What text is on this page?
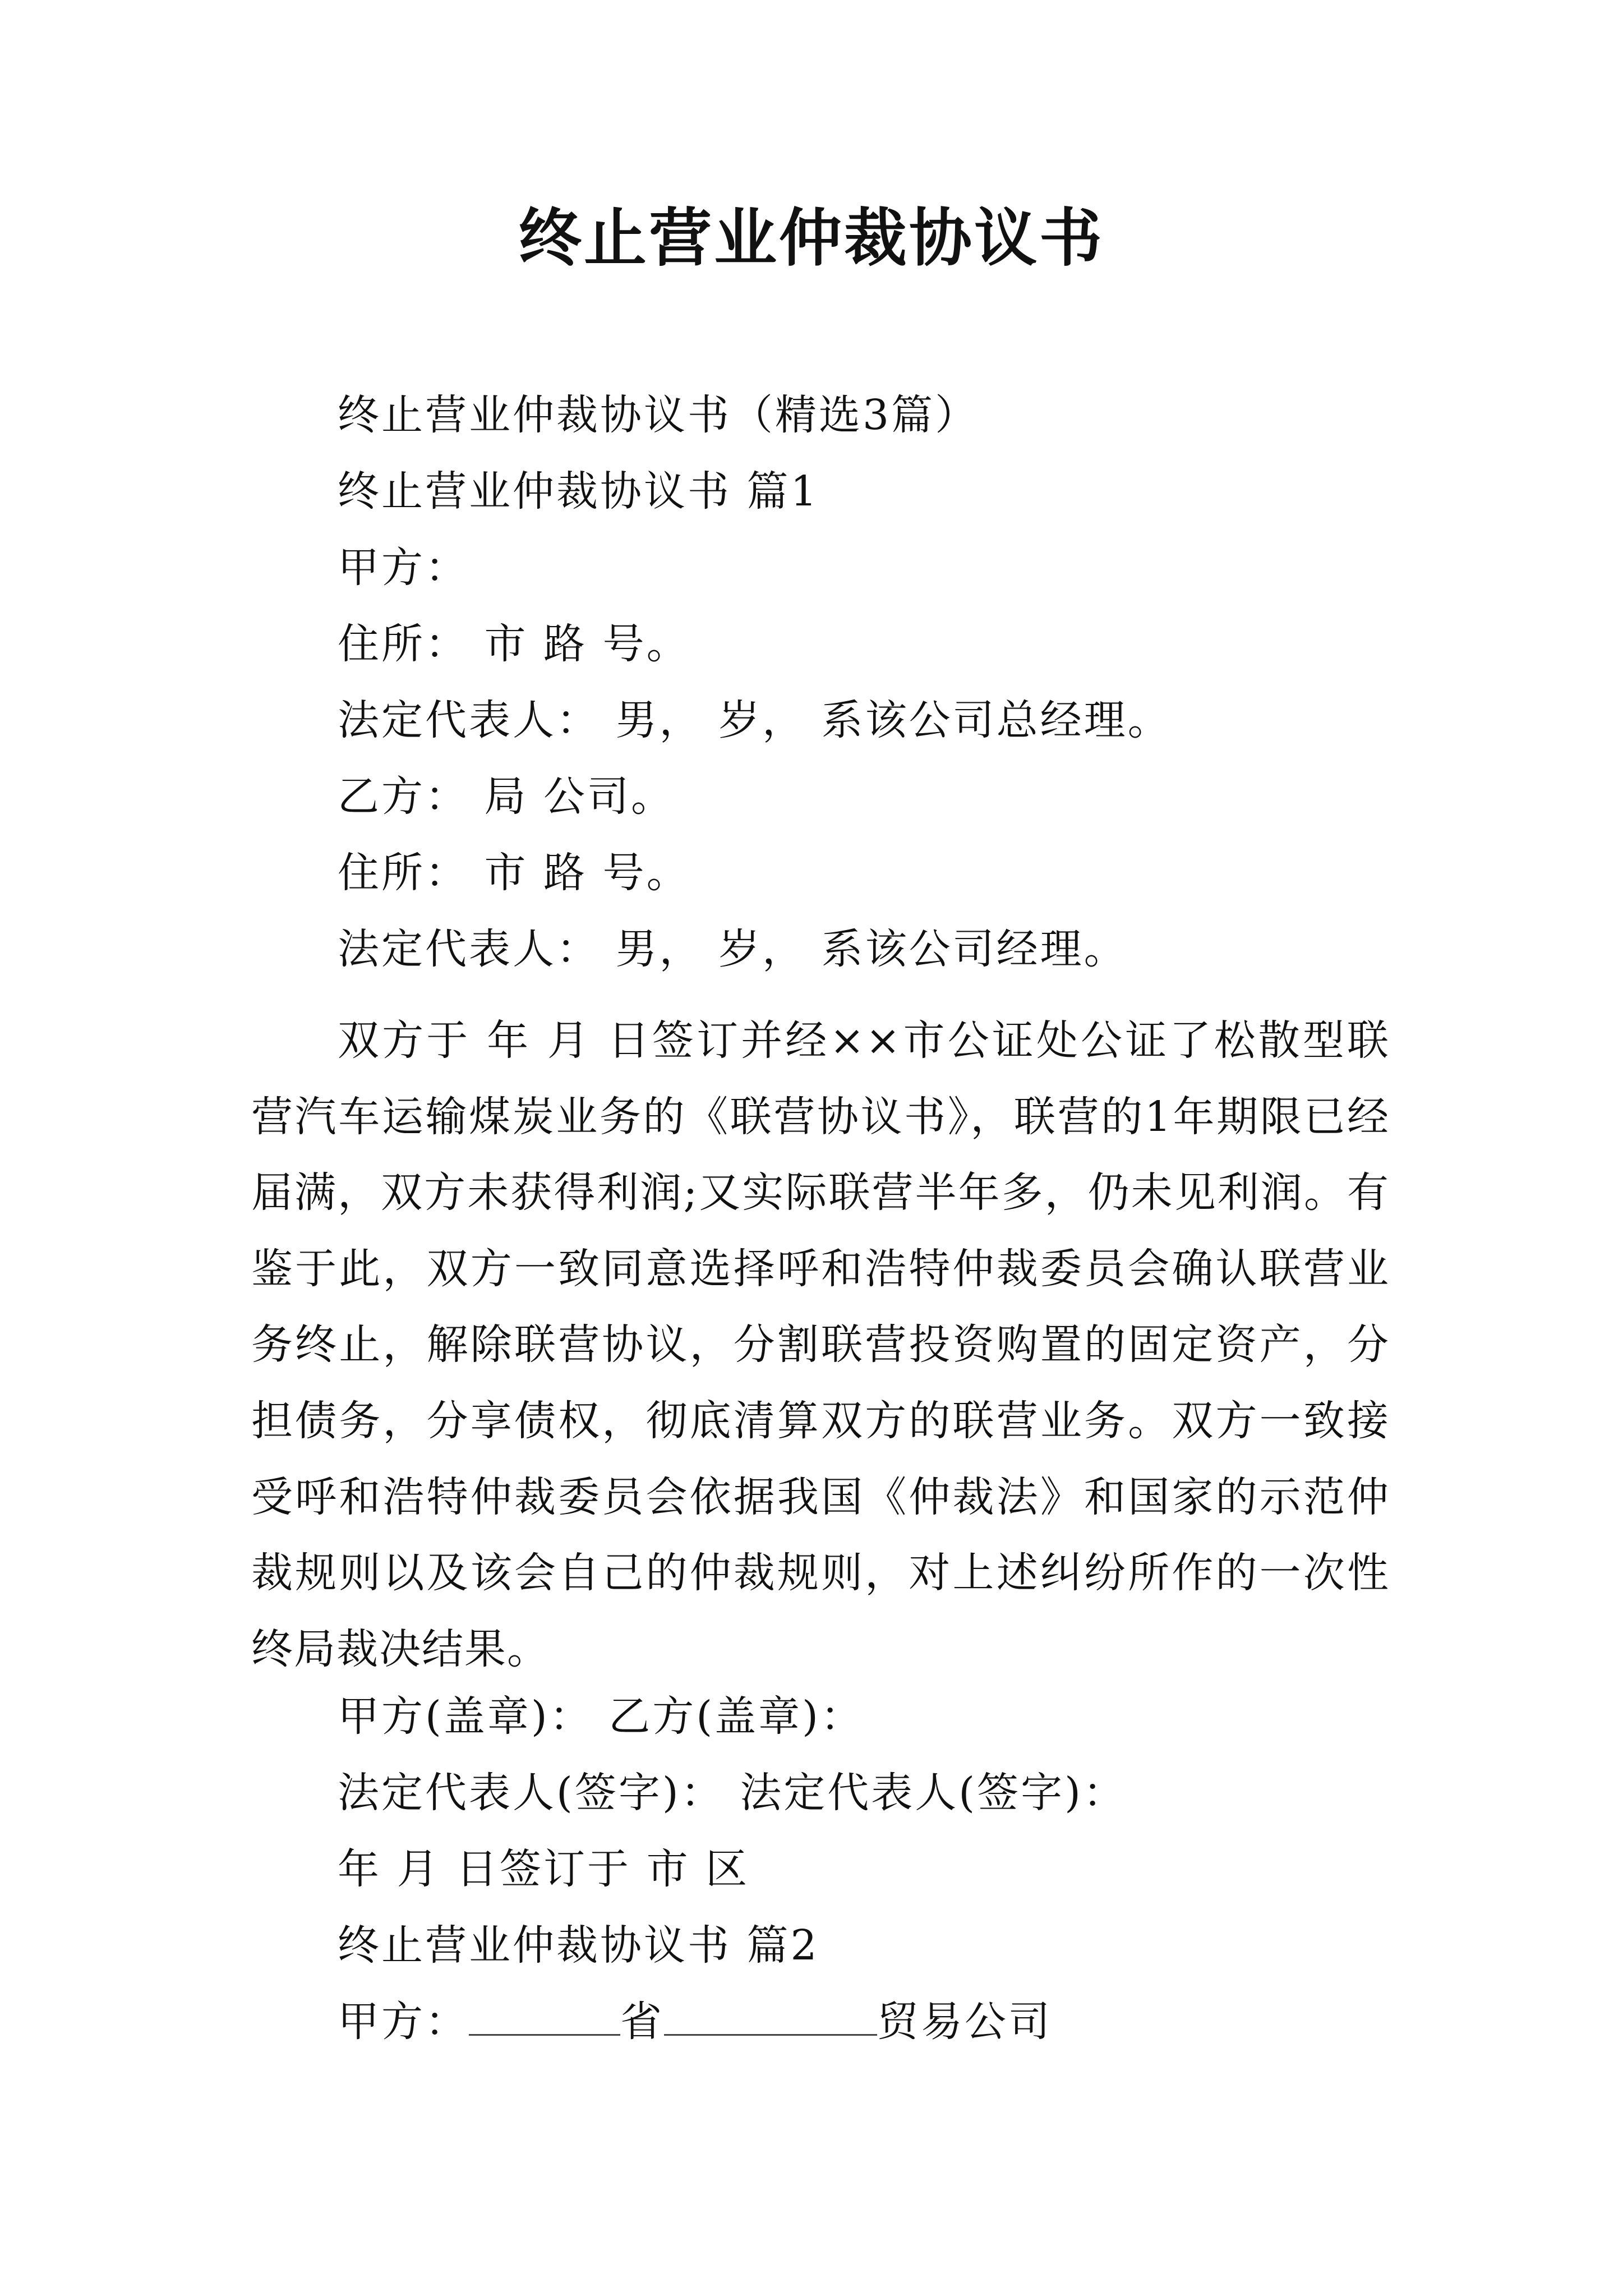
终止营业仲裁协议书
终止营业仲裁协议书（精选3篇）
终止营业仲裁协议书 篇1
甲方：
住所： 市 路 号。
法定代表人： 男， 岁， 系该公司总经理。
乙方： 局 公司。
住所： 市 路 号。
法定代表人： 男， 岁， 系该公司经理。

双方于 年 月 日签订并经××市公证处公证了松散型联营汽车运输煤炭业务的《联营协议书》，联营的1年期限已经届满，双方未获得利润;又实际联营半年多，仍未见利润。有鉴于此，双方一致同意选择呼和浩特仲裁委员会确认联营业务终止，解除联营协议，分割联营投资购置的固定资产，分担债务，分享债权，彻底清算双方的联营业务。双方一致接受呼和浩特仲裁委员会依据我国《仲裁法》和国家的示范仲裁规则以及该会自己的仲裁规则，对上述纠纷所作的一次性终局裁决结果。

甲方(盖章)： 乙方(盖章)：
法定代表人(签字)： 法定代表人(签字)：
年 月 日签订于 市 区
终止营业仲裁协议书 篇2
甲方：	省	贸易公司
